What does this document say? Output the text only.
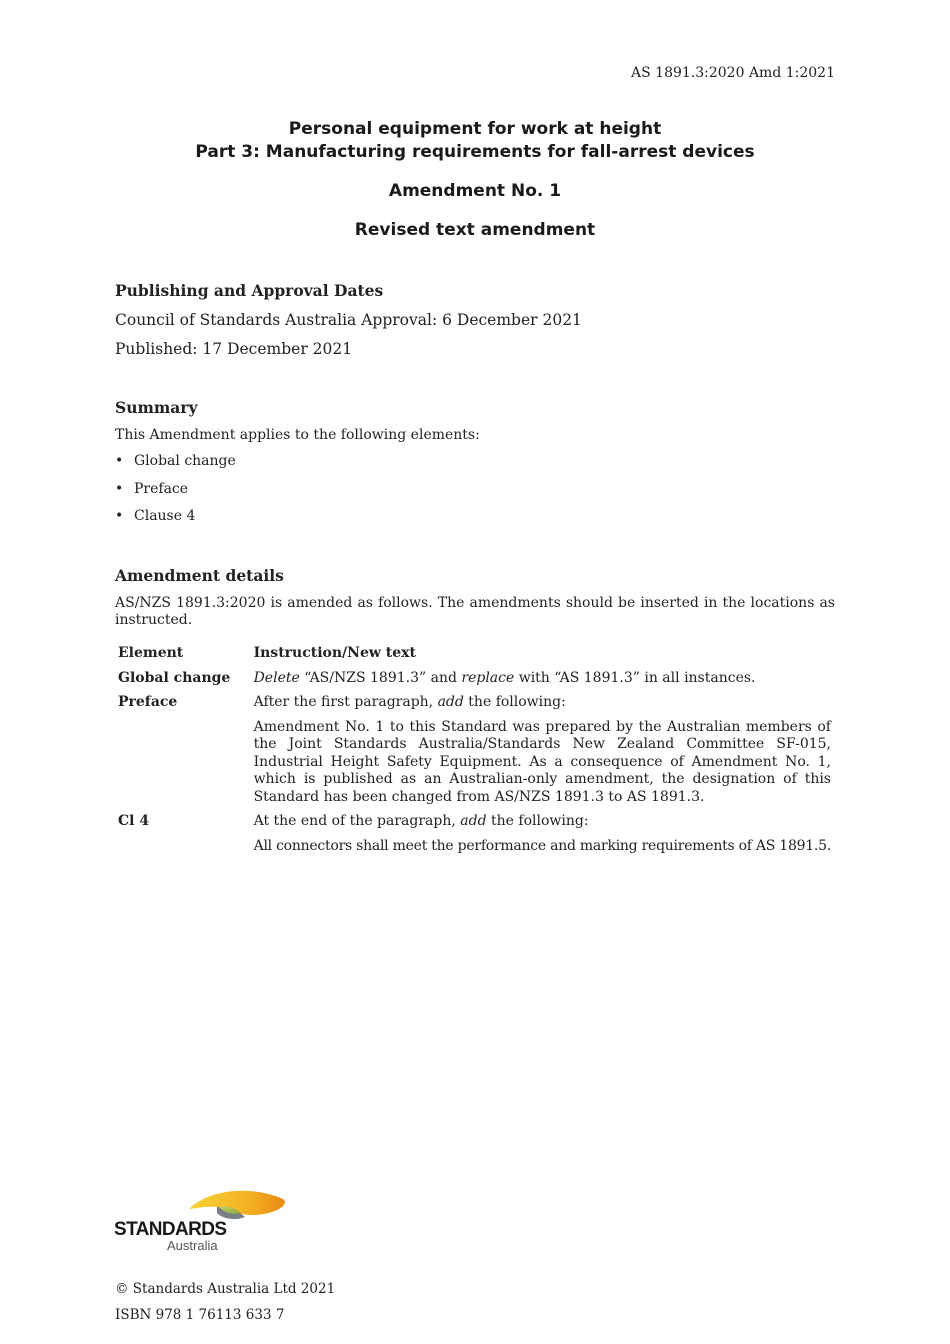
AS 1891.3:2020 Amd 1:2021
Personal equipment for work at height
Part 3: Manufacturing requirements for fall-arrest devices
Amendment No. 1
Revised text amendment
Publishing and Approval Dates
Council of Standards Australia Approval: 6 December 2021
Published: 17 December 2021
Summary
This Amendment applies to the following elements:
• Global change
• Preface
• Clause 4
Amendment details
AS/NZS 1891.3:2020 is amended as follows. The amendments should be inserted in the locations as instructed.
Element	Instruction/New text
Global change	Delete “AS/NZS 1891.3” and replace with “AS 1891.3” in all instances.
Preface	After the first paragraph, add the following:
Amendment No. 1 to this Standard was prepared by the Australian members of the Joint Standards Australia/Standards New Zealand Committee SF-015, Industrial Height Safety Equipment. As a consequence of Amendment No. 1, which is published as an Australian-only amendment, the designation of this Standard has been changed from AS/NZS 1891.3 to AS 1891.3.

Cl 4	At the end of the paragraph, add the following:
All connectors shall meet the performance and marking requirements of AS 1891.5.
STANDARDS
Australia
© Standards Australia Ltd 2021
ISBN 978 1 76113 633 7
